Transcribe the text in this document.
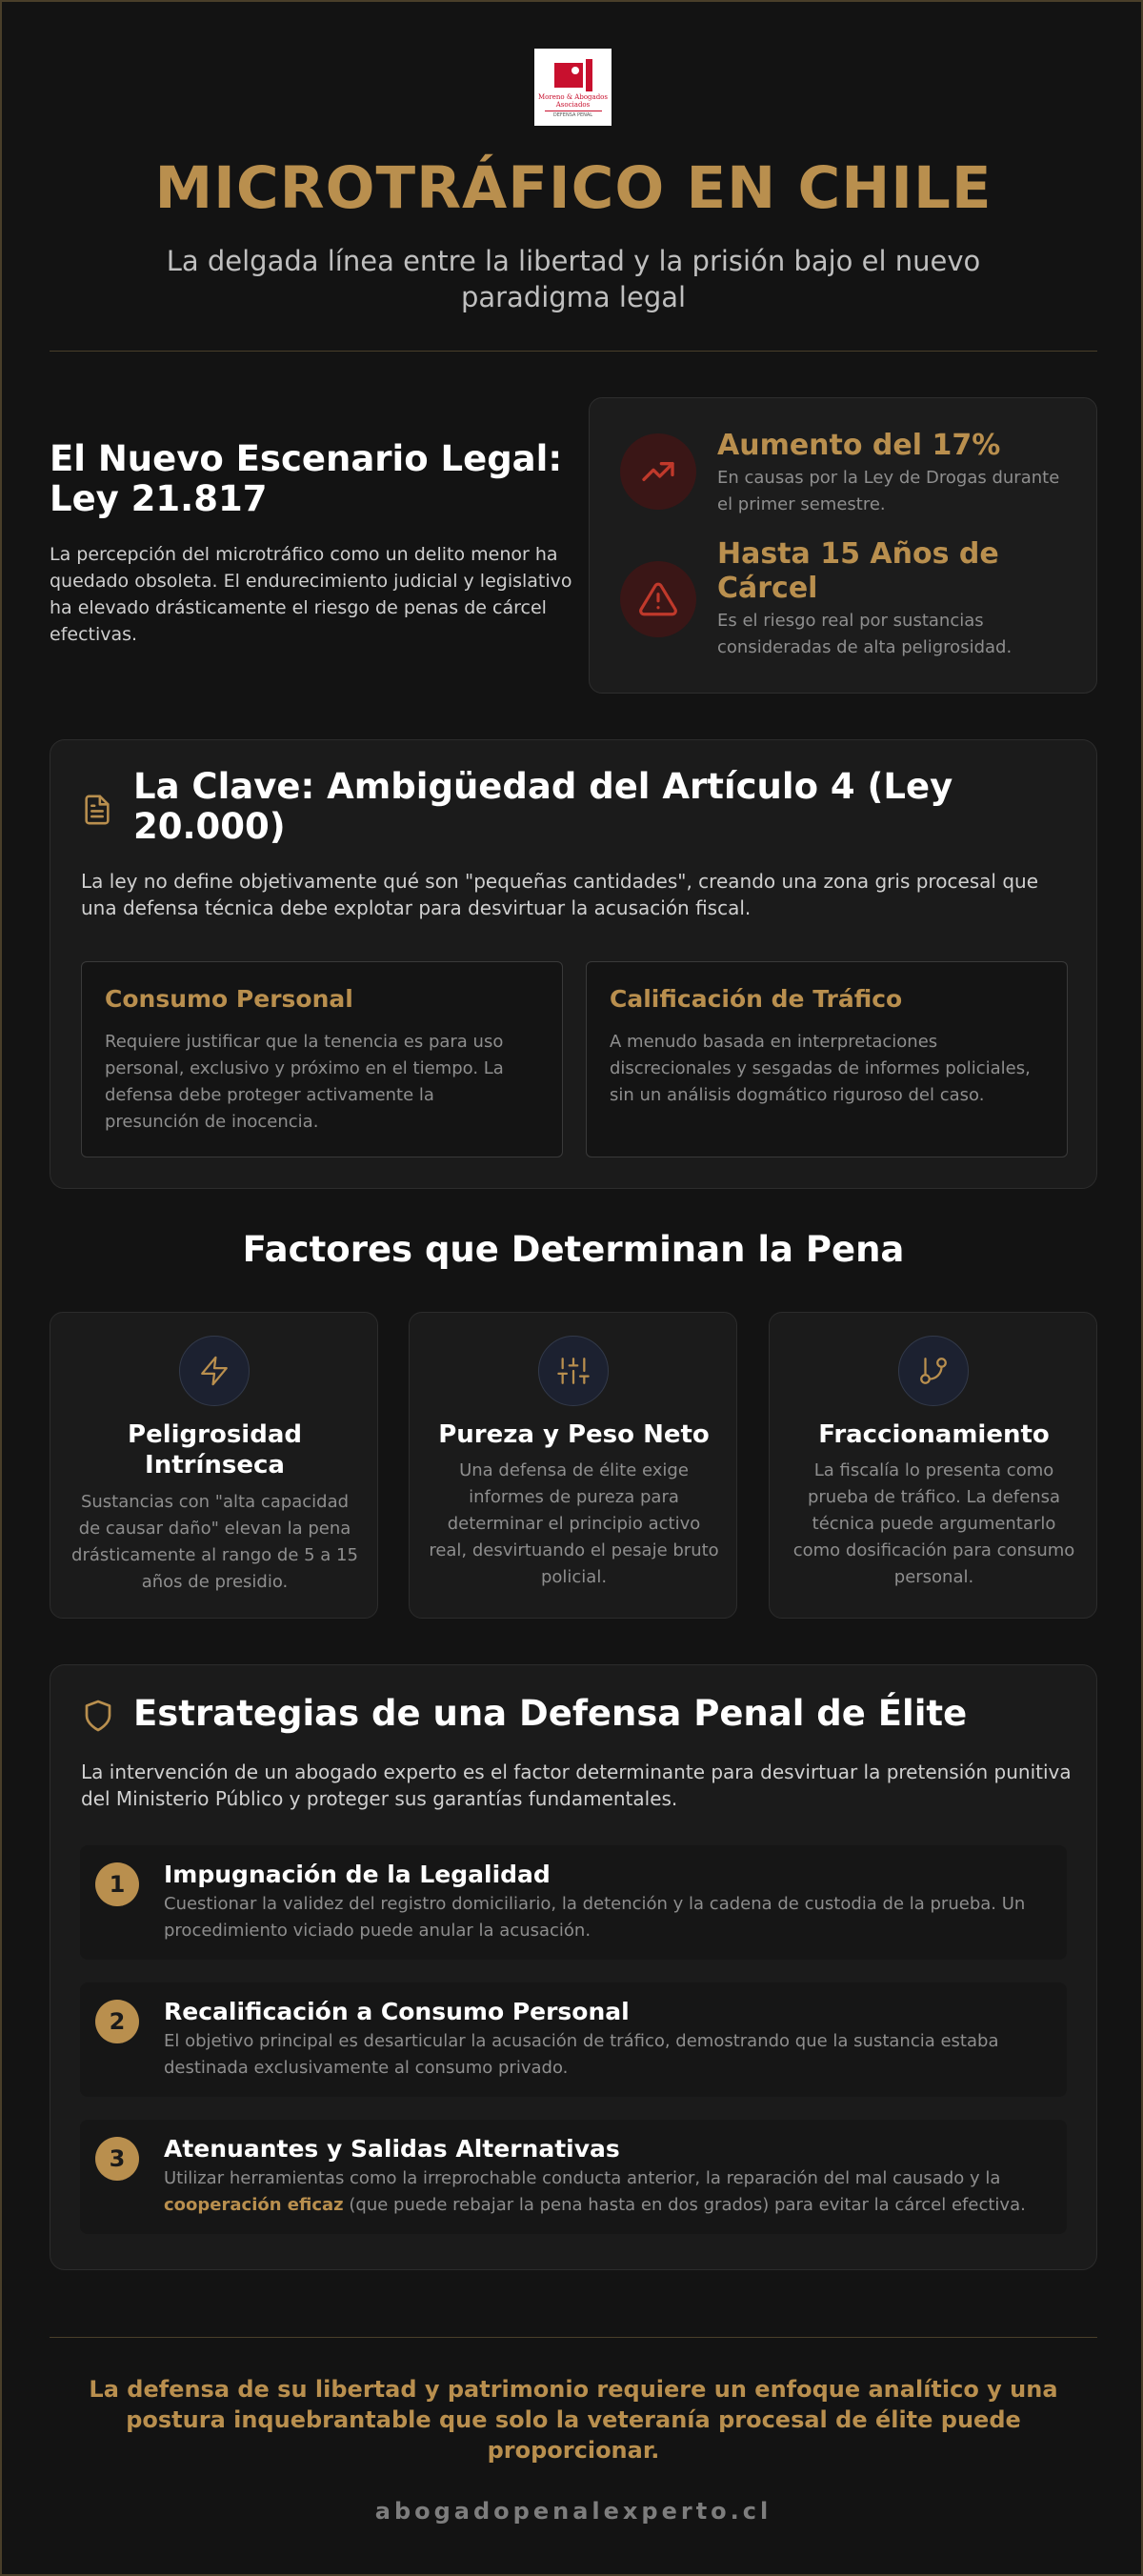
Moreno & Abogados Asociados
DEFENSA PENAL
MICROTRÁFICO EN CHILE
La delgada línea entre la libertad y la prisión bajo el nuevo paradigma legal
El Nuevo Escenario Legal: Ley 21.817
La percepción del microtráfico como un delito menor ha quedado obsoleta. El endurecimiento judicial y legislativo ha elevado drásticamente el riesgo de penas de cárcel efectivas.
Aumento del 17%
En causas por la Ley de Drogas durante el primer semestre.
Hasta 15 Años de Cárcel
Es el riesgo real por sustancias consideradas de alta peligrosidad.
La Clave: Ambigüedad del Artículo 4 (Ley 20.000)
La ley no define objetivamente qué son "pequeñas cantidades", creando una zona gris procesal que una defensa técnica debe explotar para desvirtuar la acusación fiscal.
Consumo Personal
Requiere justificar que la tenencia es para uso personal, exclusivo y próximo en el tiempo. La defensa debe proteger activamente la presunción de inocencia.
Calificación de Tráfico
A menudo basada en interpretaciones discrecionales y sesgadas de informes policiales, sin un análisis dogmático riguroso del caso.
Factores que Determinan la Pena
Peligrosidad Intrínseca
Sustancias con "alta capacidad de causar daño" elevan la pena drásticamente al rango de 5 a 15 años de presidio.
Pureza y Peso Neto
Una defensa de élite exige informes de pureza para determinar el principio activo real, desvirtuando el pesaje bruto policial.
Fraccionamiento
La fiscalía lo presenta como prueba de tráfico. La defensa técnica puede argumentarlo como dosificación para consumo personal.
Estrategias de una Defensa Penal de Élite
La intervención de un abogado experto es el factor determinante para desvirtuar la pretensión punitiva del Ministerio Público y proteger sus garantías fundamentales.
1	Impugnación de la Legalidad
Cuestionar la validez del registro domiciliario, la detención y la cadena de custodia de la prueba. Un procedimiento viciado puede anular la acusación.
2	Recalificación a Consumo Personal
El objetivo principal es desarticular la acusación de tráfico, demostrando que la sustancia estaba destinada exclusivamente al consumo privado.
3	Atenuantes y Salidas Alternativas
Utilizar herramientas como la irreprochable conducta anterior, la reparación del mal causado y la cooperación eficaz (que puede rebajar la pena hasta en dos grados) para evitar la cárcel efectiva.
La defensa de su libertad y patrimonio requiere un enfoque analítico y una postura inquebrantable que solo la veteranía procesal de élite puede proporcionar.
abogadopenalexperto.cl
